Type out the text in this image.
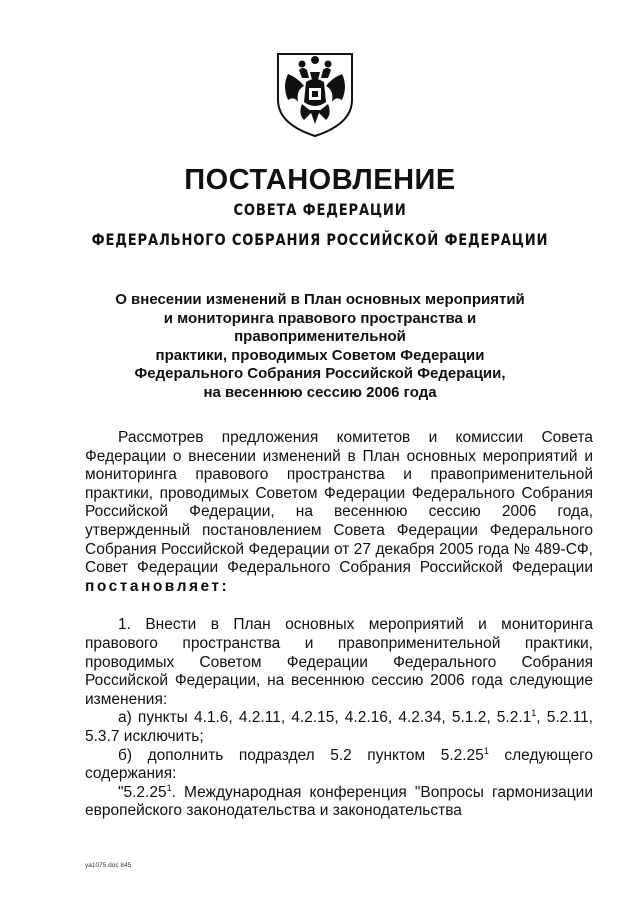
ПОСТАНОВЛЕНИЕ
СОВЕТА ФЕДЕРАЦИИ
ФЕДЕРАЛЬНОГО СОБРАНИЯ РОССИЙСКОЙ ФЕДЕРАЦИИ
О внесении изменений в План основных мероприятий
и мониторинга правового пространства и правоприменительной
практики, проводимых Советом Федерации
Федерального Собрания Российской Федерации,
на весеннюю сессию 2006 года

Рассмотрев предложения комитетов и комиссии Совета Федерации о внесении изменений в План основных мероприятий и мониторинга правового пространства и правоприменительной практики, проводимых Советом Федерации Федерального Собрания Российской Федерации, на весеннюю сессию 2006 года, утвержденный постановлением Совета Федерации Федерального Собрания Российской Федерации от 27 декабря 2005 года № 489-СФ, Совет Федерации Федерального Собрания Российской Федерации постановляет:

1. Внести в План основных мероприятий и мониторинга правового пространства и правоприменительной практики, проводимых Советом Федерации Федерального Собрания Российской Федерации, на весеннюю сессию 2006 года следующие изменения:

а) пункты 4.1.6, 4.2.11, 4.2.15, 4.2.16, 4.2.34, 5.1.2, 5.2.1$^1$, 5.2.11, 5.3.7 исключить;

б) дополнить подраздел 5.2 пунктом 5.2.25$^1$ следующего содержания:

"5.2.25$^1$. Международная конференция "Вопросы гармонизации европейского законодательства и законодательства

ya1075.doc 845
